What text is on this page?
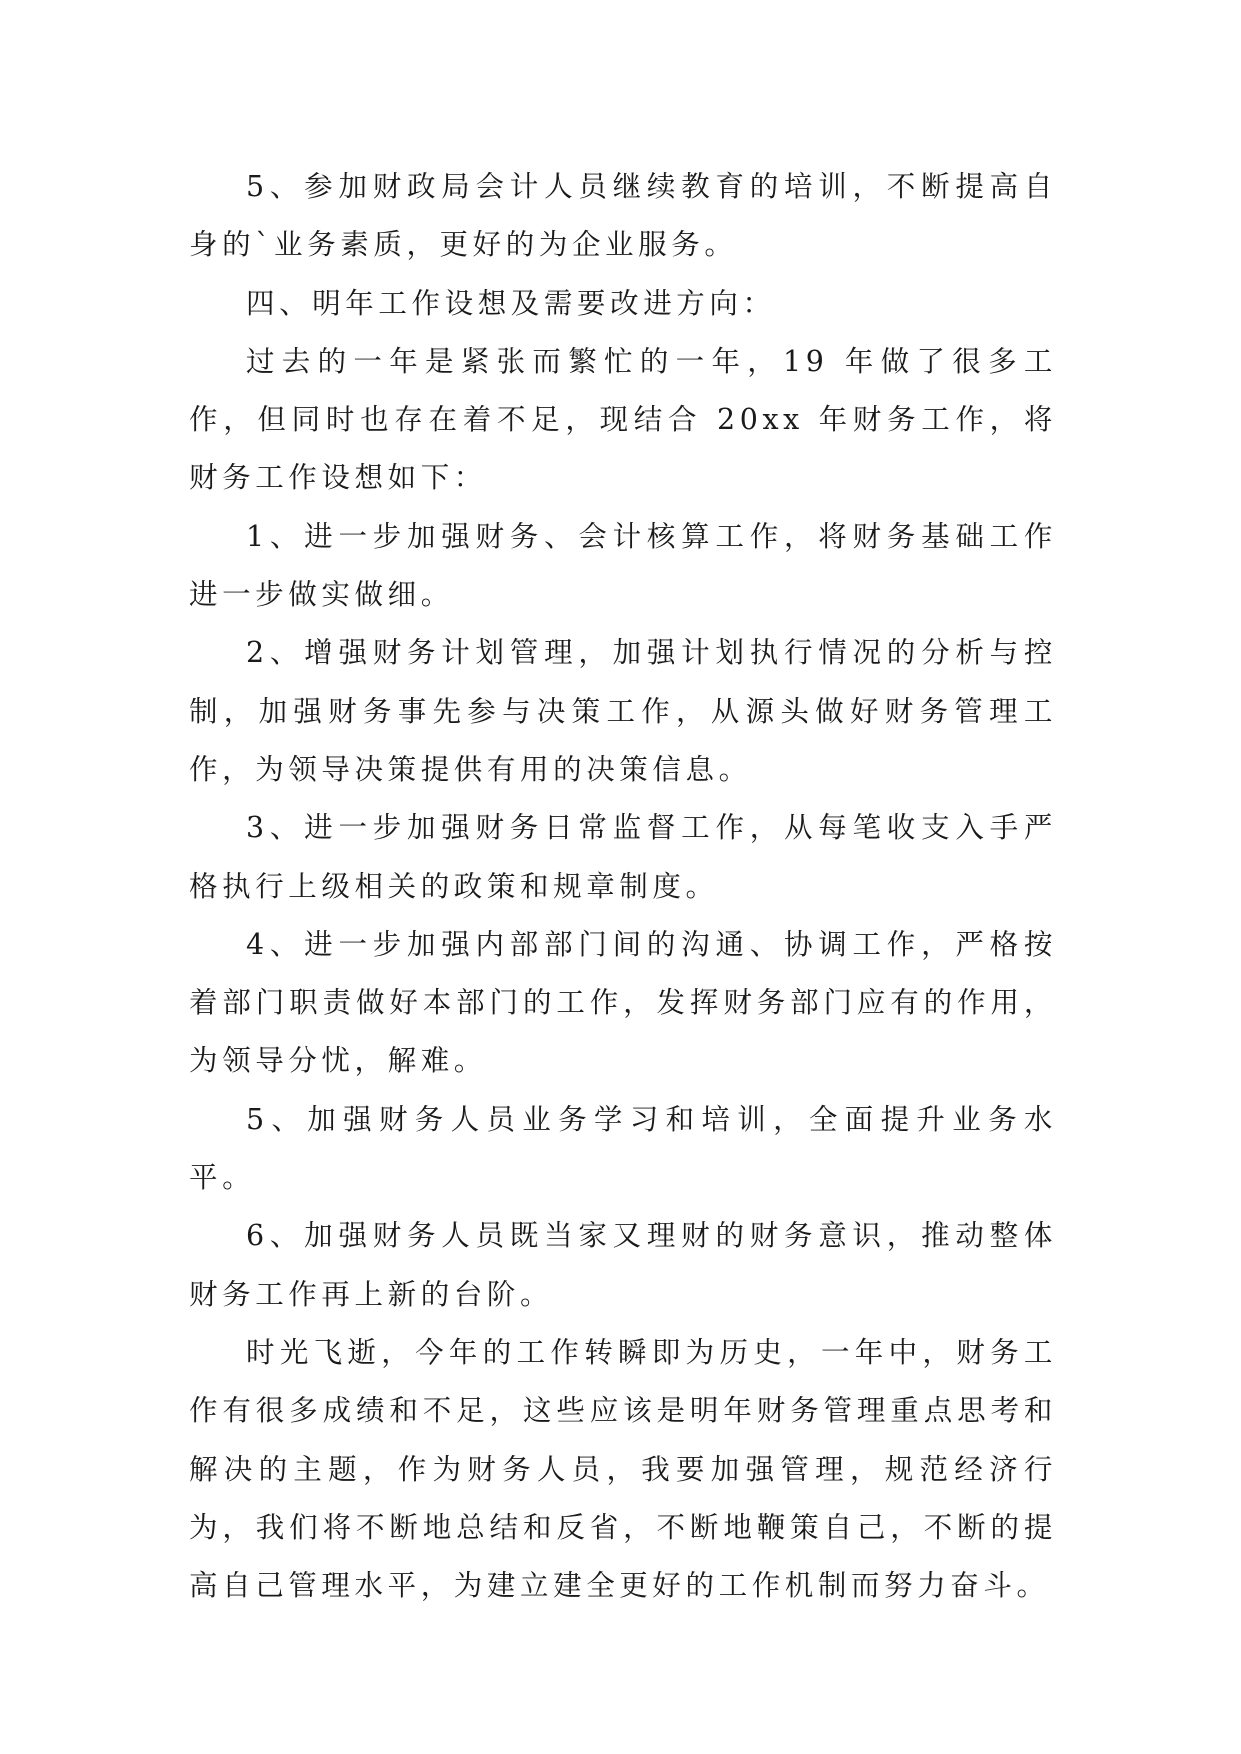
5、参加财政局会计人员继续教育的培训，不断提高自身的`业务素质，更好的为企业服务。

四、明年工作设想及需要改进方向：

过去的一年是紧张而繁忙的一年，19 年做了很多工作，但同时也存在着不足，现结合 20xx 年财务工作，将财务工作设想如下：

1、进一步加强财务、会计核算工作，将财务基础工作进一步做实做细。

2、增强财务计划管理，加强计划执行情况的分析与控制，加强财务事先参与决策工作，从源头做好财务管理工作，为领导决策提供有用的决策信息。

3、进一步加强财务日常监督工作，从每笔收支入手严格执行上级相关的政策和规章制度。

4、进一步加强内部部门间的沟通、协调工作，严格按着部门职责做好本部门的工作，发挥财务部门应有的作用，为领导分忧，解难。

5、加强财务人员业务学习和培训，全面提升业务水平。

6、加强财务人员既当家又理财的财务意识，推动整体财务工作再上新的台阶。

时光飞逝，今年的工作转瞬即为历史，一年中，财务工作有很多成绩和不足，这些应该是明年财务管理重点思考和解决的主题，作为财务人员，我要加强管理，规范经济行为，我们将不断地总结和反省，不断地鞭策自己，不断的提高自己管理水平，为建立建全更好的工作机制而努力奋斗。
